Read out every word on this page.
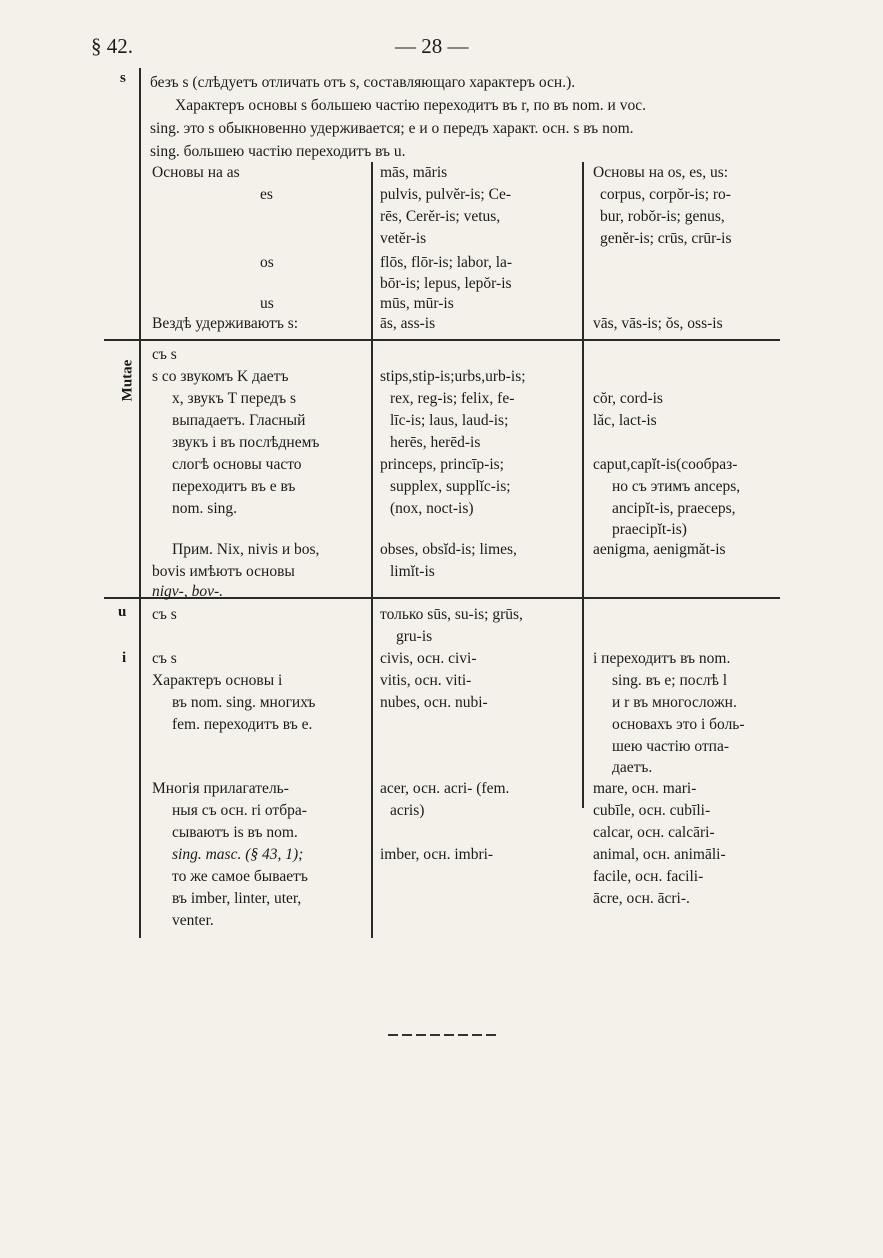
§ 42.	— 28 —
s
Mutae
u
i
безъ s (слѣдуетъ отличать отъ s, составляющаго характеръ осн.).
Характеръ основы s большею частію переходитъ въ r, по въ nom. и voc.
sing. это s обыкновенно удерживается; e и o передъ характ. осн. s въ nom.
sing. большею частію переходитъ въ u.
Основы на as
es
os
us
Вездѣ удерживаютъ s:
mās, māris
pulvis, pulvĕr-is; Ce-
rēs, Cerĕr-is; vetus,
vetĕr-is
flōs, flōr-is; labor, la-
bōr-is; lepus, lepŏr-is
mūs, mūr-is
ās, ass-is
Основы на os, es, us:
corpus, corpŏr-is; ro-
bur, robŏr-is; genus,
genĕr-is; crūs, crūr-is
vās, vās-is; ŏs, oss-is
съ s
s со звукомъ K даетъ
x, звукъ T передъ s
выпадаетъ. Гласный
звукъ i въ послѣднемъ
слогѣ основы часто
переходитъ въ e въ
nom. sing.
Прим. Nix, nivis и bos,
bovis имѣютъ основы
nigv-, bov-.
stips,stip-is;urbs,urb-is;
rex, reg-is; felix, fe-
līc-is; laus, laud-is;
herēs, herēd-is
princeps, princīp-is;
supplex, supplĭc-is;
(nox, noct-is)
obses, obsĭd-is; limes,
limĭt-is
cŏr, cord-is
lăc, lact-is
caput,capĭt-is(сообраз-
но съ этимъ anceps,
ancipĭt-is, praeceps,
praecipĭt-is)
aenigma, aenigmăt-is
съ s	только sūs, su-is; grūs,
gru-is
съ s
Характеръ основы i
въ nom. sing. многихъ
fem. переходитъ въ e.
Многія прилагатель-
ныя съ осн. ri отбра-
сываютъ is въ nom.
sing. masc. (§ 43, 1);
то же самое бываетъ
въ imber, linter, uter,
venter.
civis, осн. civi-
vitis, осн. viti-
nubes, осн. nubi-
acer, осн. acri- (fem.
acris)
imber, осн. imbri-
i переходитъ въ nom.
sing. въ e; послѣ l
и r въ многосложн.
основахъ это i боль-
шею частію отпа-
даетъ.
mare, осн. mari-
cubīle, осн. cubīli-
calcar, осн. calcāri-
animal, осн. animāli-
facile, осн. facili-
ācre, осн. ācri-.
